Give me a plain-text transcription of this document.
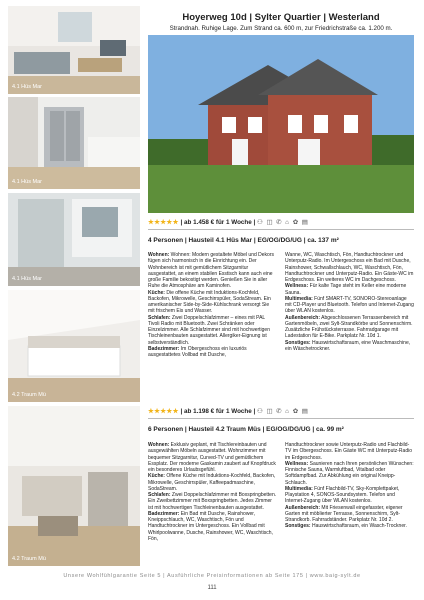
4.1 Hüs Mar
4.1 Hüs Mar
4.1 Hüs Mar
4.2 Traum Mü
4.2 Traum Mü
Hoyerweg 10d | Sylter Quartier | Westerland

Strandnah. Ruhige Lage. Zum Strand ca. 600 m, zur Friedrichstraße ca. 1.200 m.

★★★★★ | ab 1.458 € für 1 Woche | ⚇ ◫ ✆ ⌂ ✿ ▤
4 Personen | Hausteil 4.1 Hüs Mar | EG/OG/DG/UG | ca. 137 m²

Wohnen: Wohnen: Modern gestaltete Möbel und Dekors fügen sich harmonisch in die Einrichtung ein. Der Wohnbereich ist mit gemütlichem Sitzgarnitur ausgestattet, an einem stabilen Esstisch kann auch eine große Familie bekostigt werden. Genießen Sie in aller Ruhe die Atmosphäre am Kaminofen.

Küche: Die offene Küche mit Induktions-Kochfeld, Backofen, Mikrowelle, Geschirrspüler, SodaStream. Ein amerikanischer Side-by-Side-Kühlschrank versorgt Sie mit frischem Eis und Wasser.

Schlafen: Zwei Doppelschlafzimmer – eines mit PAL Tivoli Radio mit Bluetooth. Zwei Schränken oder Einzelzimmer. Alle Schlafzimmer sind mit hochwertigen Tischleinenbauten ausgestattet. Allergiker-Eignung ist selbstverständlich.

Badezimmer: Im Obergeschoss ein luxuriös ausgestattetes Vollbad mit Dusche,

Wanne, WC, Waschtisch, Fön, Handtuchtrockner und Unterputz-Radio. Im Untergeschoss ein Bad mit Dusche, Rainshower, Schwallschlauch, WC, Waschtisch, Fön, Handtuchtrockner und Unterputz-Radio. Ein Gäste-WC im Erdgeschoss. Ein weiteres WC im Dachgeschoss.

Wellness: Für kalte Tage steht im Keller eine moderne Sauna.

Multimedia: Fünf SMART-TV, SONORO-Stereoanlage mit CD-Player und Bluetooth. Telefon und Internet-Zugang über WLAN kostenlos.

Außenbereich: Abgeschlossenen Terrassenbereich mit Gartenmöbeln, zwei Sylt-Strandkörbe und Sonnenschirm. Zusätzliche Frühstücksterrasse. Fahrradgarage mit Ladestation für E-Bike. Parkplatz Nr. 10d 1.

Sonstiges: Hauswirtschaftsraum, eine Waschmaschine, ein Wäschetrockner.

★★★★★ | ab 1.198 € für 1 Woche | ⚇ ◫ ✆ ⌂ ✿ ▤
6 Personen | Hausteil 4.2 Traum Müs | EG/OG/DG/UG | ca. 99 m²

Wohnen: Exklusiv geplant, mit Tischlereinbauten und ausgewählten Möbeln ausgestattet. Wohnzimmer mit bequemer Sitzgarnitur, Curved-TV und gemütlichem Essplatz. Der moderne Gaskamin zaubert auf Knopfdruck ein besonderes Urlaubsgefühl.

Küche: Offene Küche mit Induktions-Kochfeld, Backofen, Mikrowelle, Geschirrspüler, Kaffeepadmaschine, SodaStream.

Schlafen: Zwei Doppelschlafzimmer mit Boxspringbetten. Ein Zweibettzimmer mit Boxspringbetten. Jedes Zimmer ist mit hochwertigen Tischleinenbauten ausgestattet.

Badezimmer: Ein Bad mit Dusche, Rainshower, Kneippschlauch, WC, Waschtisch, Fön und Handtuchtrockner im Untergeschoss. Ein Vollbad mit Whirlpoolwanne, Dusche, Rainshower, WC, Waschtisch, Fön,

Handtuchtrockner sowie Unterputz-Radio und Flachbild-TV im Obergeschoss. Ein Gäste WC mit Unterputz-Radio im Erdgeschoss.

Wellness: Saunieren nach Ihren persönlichen Wünschen: Finnische Sauna, Warmluftbad, Vitalbad oder Softdampfbad. Zur Abkühlung ein original Kneipp-Schlauch.

Multimedia: Fünf Flachbild-TV, Sky-Komplettpaket, Playstation 4, SONOS-Soundsystem. Telefon und Internet-Zugang über WLAN kostenlos.

Außenbereich: Mit Friesenwall eingefasster, eigener Garten mit möblierter Terrasse, Sonnenschirm, Sylt-Strandkorb. Fahrradständer. Parkplatz Nr. 10d 2.

Sonstiges: Hauswirtschaftsraum, ein Wasch-Trockner.

Unsere Wohlfühlgarantie Seite 5 | Ausführliche Preisinformationen ab Seite 175 | www.baig-sylt.de
111
